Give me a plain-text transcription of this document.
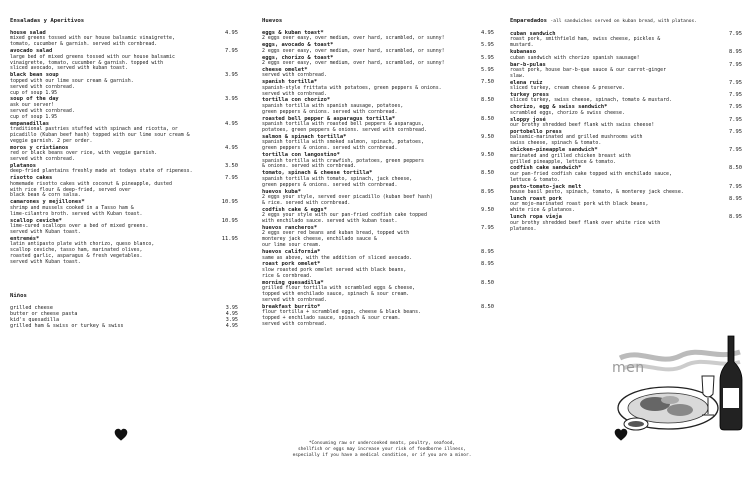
Ensaladas y Aperitivos
house salad	4.95
mixed greens tossed with our house balsamic vinaigrette,
tomato, cucumber & garnish. served with cornbread.
avocado salad	7.95
large bed of mixed greens tossed with our house balsamic
vinaigrette, tomato, cucumber & garnish. topped with
sliced avocado, served with kuban toast.
black bean soup	3.95
topped with our lime sour cream & garnish.
served with cornbread.
cup of soup 1.95
soup of the day	3.95
ask our server!
served with cornbread.
cup of soup 1.95
empanadillas	4.95
traditional pastries stuffed with spinach and ricotta, or
picadillo (Kuban beef hash) topped with our lime sour cream &
veggie garnish. 2 per order.
moros y cristianos	4.95
red or black beans over rice, with veggie garnish.
served with cornbread.
platanos	3.50
deep-fried plantains freshly made at todays state of ripeness.
risotto cakes	7.95
homemade risotto cakes with coconut & pineapple, dusted
with rice flour & deep-fried, served over
black bean & corn salsa.
camarones y mejillones*	10.95
shrimp and mussels cooked in a Tasso ham &
lime-cilantro broth. served with Kuban toast.
scallop ceviche*	10.95
lime-cured scallops over a bed of mixed greens.
served with Kuban toast.
entremés*	11.95
latin antipasto plate with chorizo, queso blanco,
scallop ceviche, tasso ham, marinated olives,
roasted garlic, asparagus & fresh vegetables.
served with Kuban toast.
Niños
grilled cheese	3.95
butter or cheese pasta	4.95
kid's quesadilla	3.95
grilled ham & swiss or turkey & swiss	4.95
Huevos
eggs & kuban toast*	4.95
2 eggs over easy, over medium, over hard, scrambled, or sunny!
eggs, avocado & toast*	5.95
2 eggs over easy, over medium, over hard, scrambled, or sunny!
eggs, chorizo & toast*	5.95
2 eggs over easy, over medium, over hard, scrambled, or sunny!
cheese omelet*	5.95
served with cornbread.
spanish tortilla*	7.50
spanish-style frittata with potatoes, green peppers & onions.
served with cornbread.
tortilla con chorizo*	8.50
spanish tortilla with spanish sausage, potatoes,
green peppers & onions. served with cornbread.
roasted bell pepper & asparagus tortilla*	8.50
spanish tortilla with roasted bell peppers & asparagus,
potatoes, green peppers & onions. served with cornbread.
salmon & spinach tortilla*	9.50
spanish tortilla with smoked salmon, spinach, potatoes,
green peppers & onions. served with cornbread.
tortilla con langostino*	9.50
spanish tortilla with crawfish, potatoes, green peppers
& onions. served with cornbread.
tomato, spinach & cheese tortilla*	8.50
spanish tortilla with tomato, spinach, jack cheese,
green peppers & onions. served with cornbread.
huevos kuba*	8.95
2 eggs your style, served over picadillo (kuban beef hash)
& rice. served with cornbread.
codfish cake & eggs*	9.50
2 eggs your style with our pan-fried codfish cake topped
with enchilado sauce. served with kuban toast.
huevos rancheros*	7.95
2 eggs over red beans and kuban bread, topped with
monterey jack cheese, enchilado sauce &
our lime sour cream.
huevos california*	8.95
same as above, with the addition of sliced avocado.
roast pork omelet*	8.95
slow roasted pork omelet served with black beans,
rice & cornbread.
morning quesadilla*	8.50
grilled flour tortilla with scrambled eggs & cheese,
topped with enchilado sauce, spinach & sour cream.
served with cornbread.
breakfast burrito*	8.50
flour tortilla + scrambled eggs, cheese & black beans.
topped + enchilado sauce, spinach & sour cream.
served with cornbread.
Emparedados -all sandwiches served on kuban bread, with platanos.
cuban sandwich	7.95
roast pork, smithfield ham, swiss cheese, pickles &
mustard.
kubanaso	8.95
cuban sandwich with chorizo spanish sausage!
bar-b-pulas	7.95
roast pork, house bar-b-que sauce & our carrot-ginger
slaw.
elena ruiz	7.95
sliced turkey, cream cheese & preserve.
turkey press	7.95
sliced turkey, swiss cheese, spinach, tomato & mustard.
chorizo, egg & swiss sandwich*	7.95
scrambled eggs, chorizo & swiss cheese.
sloppy josé	7.95
our brothy shredded beef flank with swiss cheese!
portobello press	7.95
balsamic-marinated and grilled mushrooms with
swiss cheese, spinach & tomato.
chicken-pineapple sandwich*	7.95
marinated and grilled chicken breast with
grilled pineapple, lettuce & tomato.
codfish cake sandwich*	8.50
our pan-fried codfish cake topped with enchilado sauce,
lettuce & tomato.
pesto-tomato-jack melt	7.95
house basil pesto, spinach, tomato, & monterey jack cheese.
lunch roast pork	8.95
our mojo-marinated roast pork with black beans,
white rice & platanos.
lunch ropa vieja	8.95
our brothy shredded beef flank over white rice with
platanos.
*Consuming raw or undercooked meats, poultry, seafood,
shellfish or eggs may increase your risk of foodborne illness,
especially if you have a medical condition, or if you are a minor.
men
